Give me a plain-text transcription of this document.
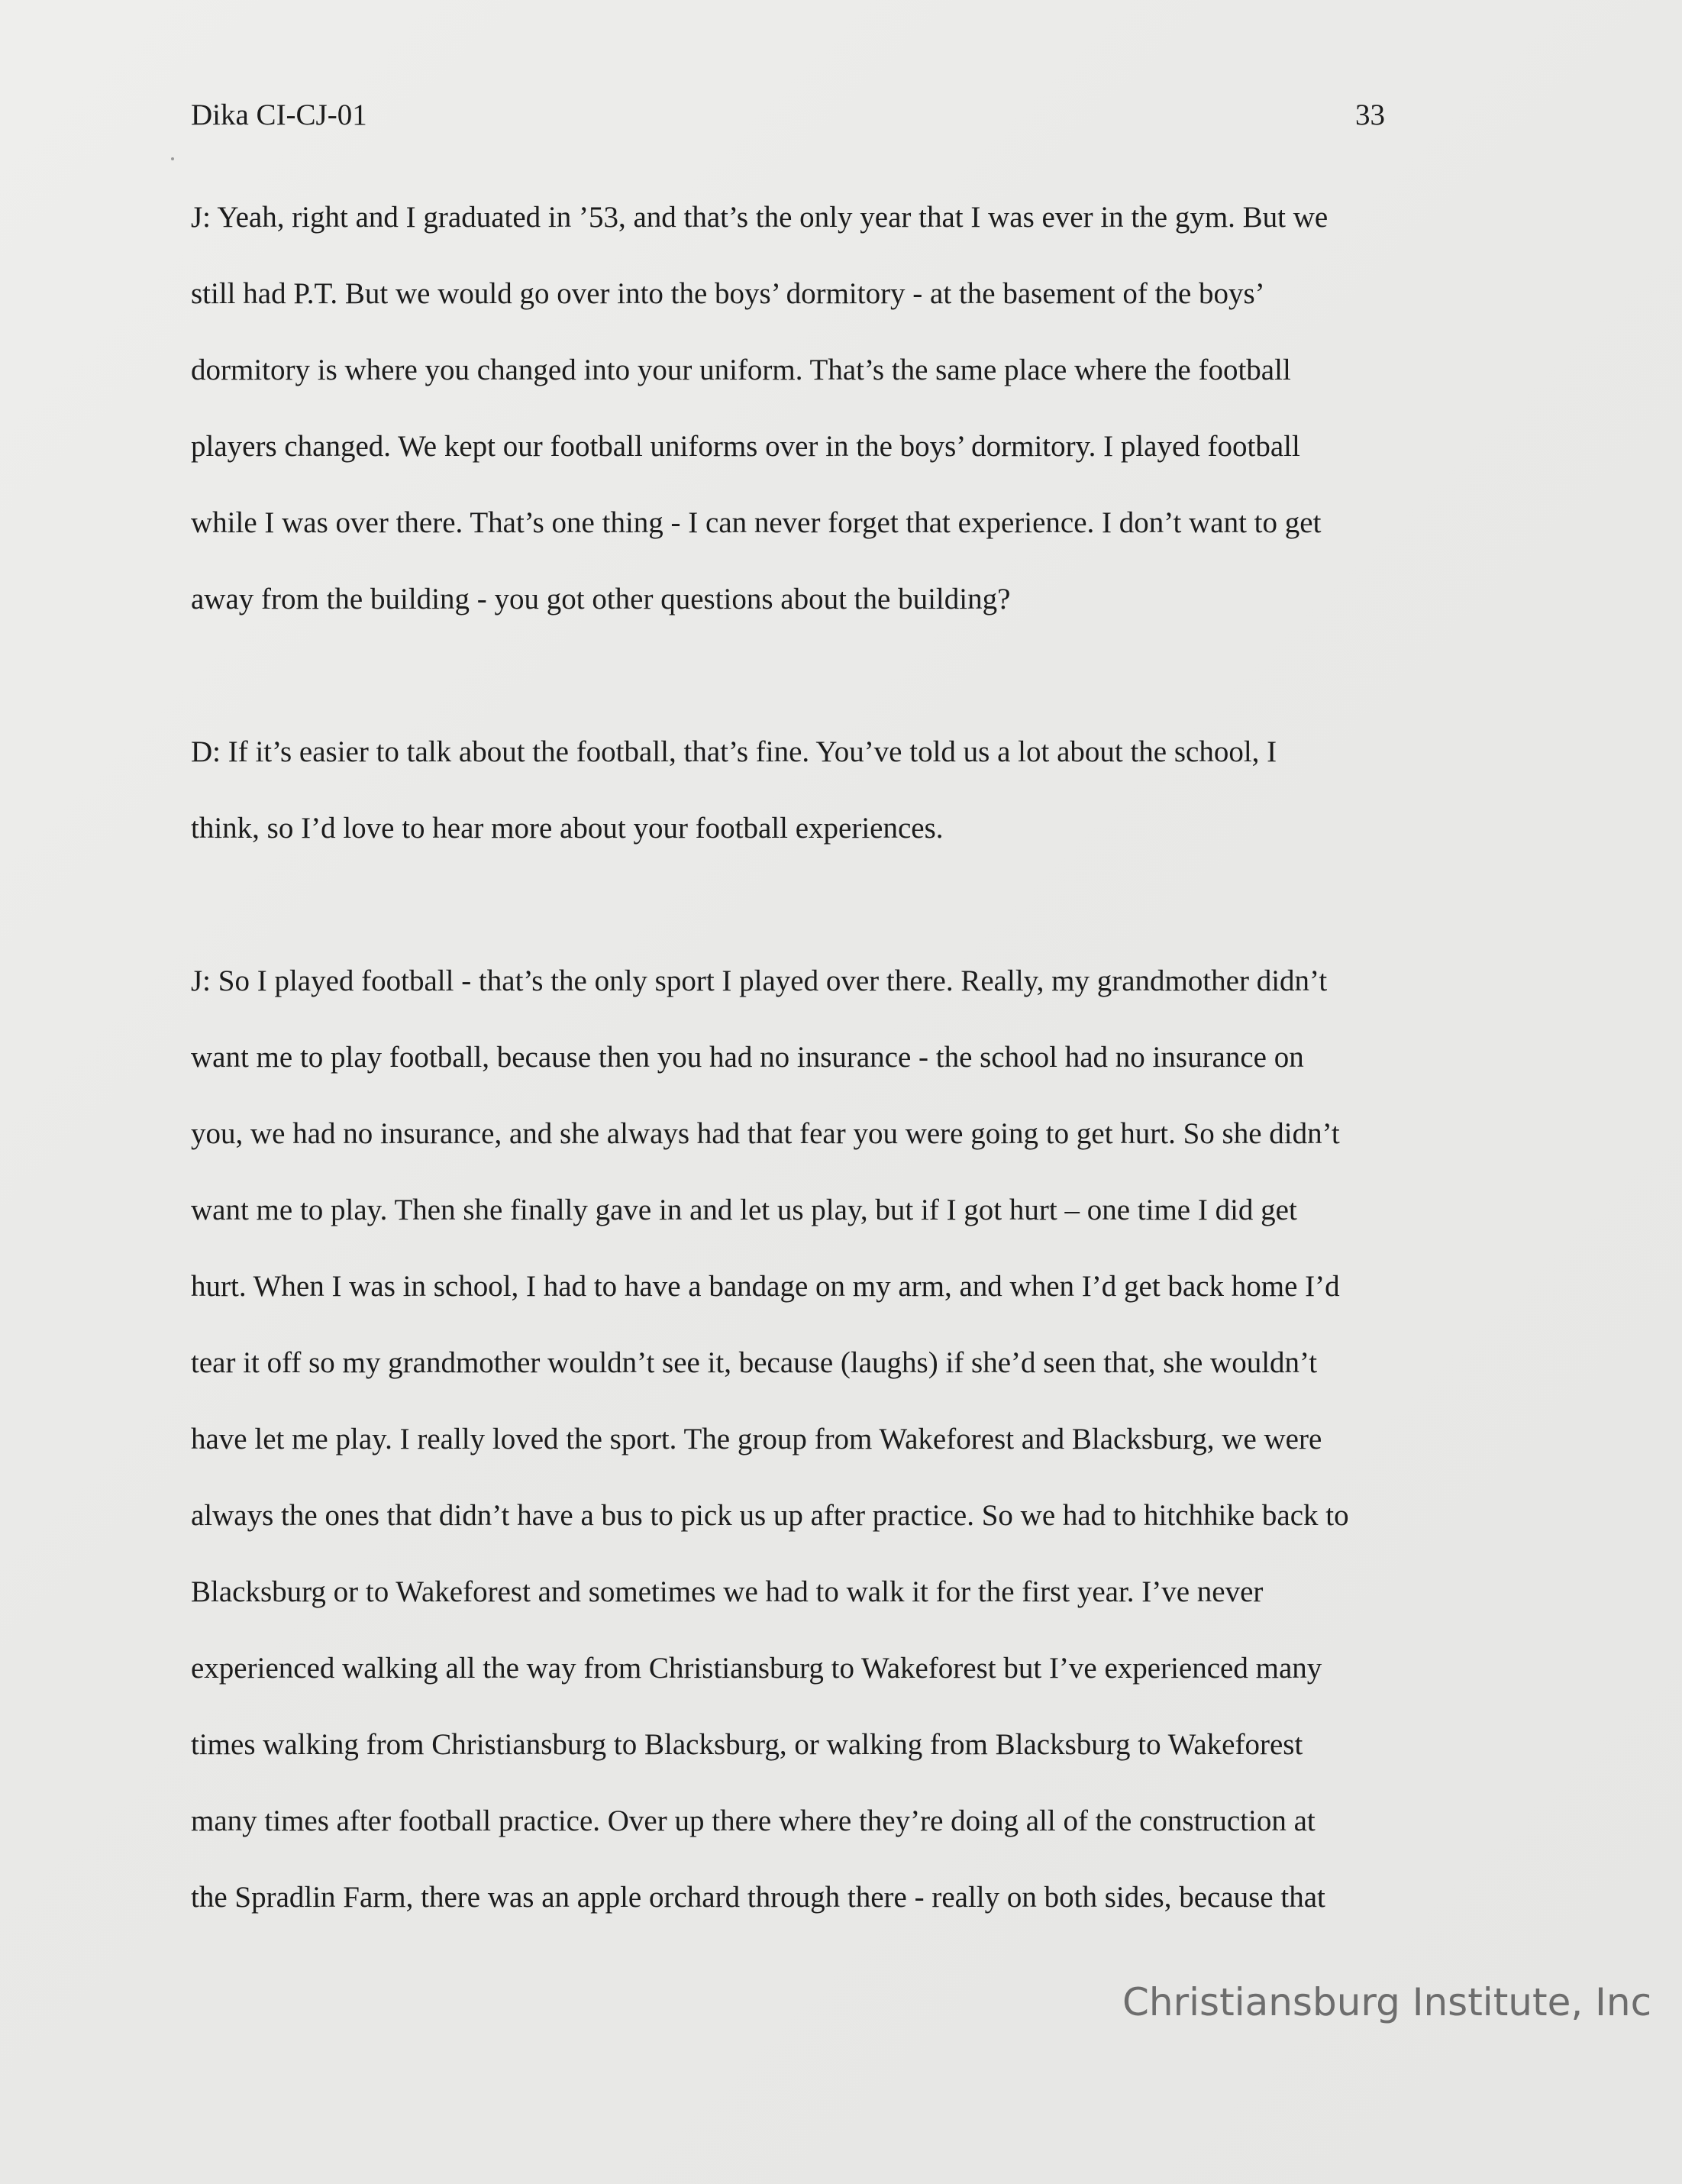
Dika CI-CJ-01	33
J: Yeah, right and I graduated in ’53, and that’s the only year that I was ever in the gym. But we
still had P.T. But we would go over into the boys’ dormitory - at the basement of the boys’
dormitory is where you changed into your uniform. That’s the same place where the football
players changed. We kept our football uniforms over in the boys’ dormitory. I played football
while I was over there. That’s one thing - I can never forget that experience. I don’t want to get
away from the building - you got other questions about the building?
D: If it’s easier to talk about the football, that’s fine. You’ve told us a lot about the school, I
think, so I’d love to hear more about your football experiences.
J: So I played football - that’s the only sport I played over there. Really, my grandmother didn’t
want me to play football, because then you had no insurance - the school had no insurance on
you, we had no insurance, and she always had that fear you were going to get hurt. So she didn’t
want me to play. Then she finally gave in and let us play, but if I got hurt – one time I did get
hurt. When I was in school, I had to have a bandage on my arm, and when I’d get back home I’d
tear it off so my grandmother wouldn’t see it, because (laughs) if she’d seen that, she wouldn’t
have let me play. I really loved the sport. The group from Wakeforest and Blacksburg, we were
always the ones that didn’t have a bus to pick us up after practice. So we had to hitchhike back to
Blacksburg or to Wakeforest and sometimes we had to walk it for the first year. I’ve never
experienced walking all the way from Christiansburg to Wakeforest but I’ve experienced many
times walking from Christiansburg to Blacksburg, or walking from Blacksburg to Wakeforest
many times after football practice. Over up there where they’re doing all of the construction at
the Spradlin Farm, there was an apple orchard through there - really on both sides, because that
Christiansburg Institute, Inc
